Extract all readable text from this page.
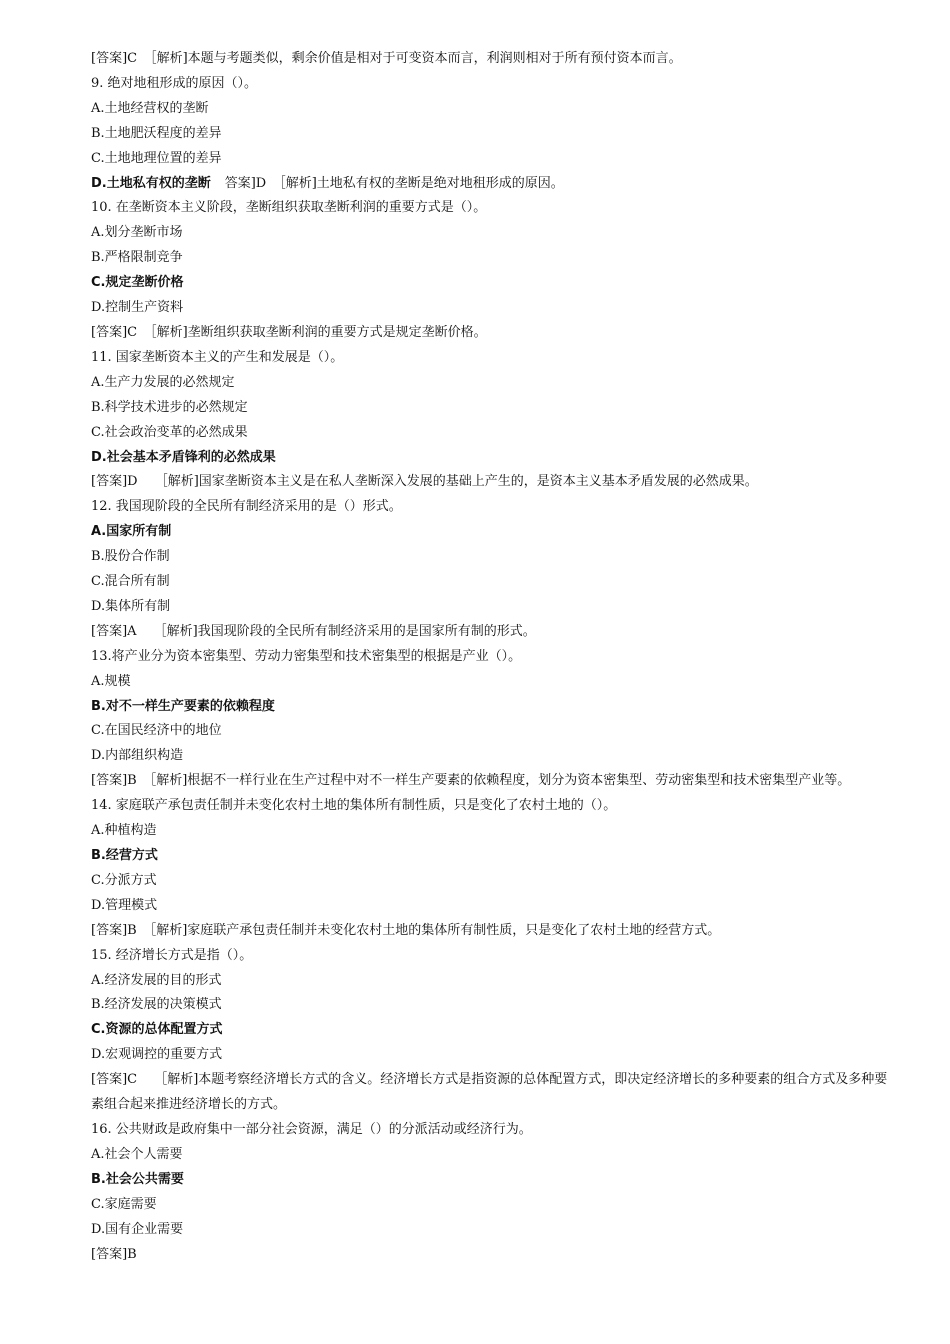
[答案]C　［解析]本题与考题类似，剩余价值是相对于可变资本而言，利润则相对于所有预付资本而言。
9. 绝对地租形成的原因（）。
A.土地经营权的垄断
B.土地肥沃程度的差异
C.土地地理位置的差异
D.土地私有权的垄断 答案]D　［解析]土地私有权的垄断是绝对地租形成的原因。
10. 在垄断资本主义阶段，垄断组织获取垄断利润的重要方式是（）。
A.划分垄断市场
B.严格限制竞争
C.规定垄断价格
D.控制生产资料
[答案]C　［解析]垄断组织获取垄断利润的重要方式是规定垄断价格。
11. 国家垄断资本主义的产生和发展是（）。
A.生产力发展的必然规定
B.科学技术进步的必然规定
C.社会政治变革的必然成果
D.社会基本矛盾锋利的必然成果
[答案]D　 ［解析]国家垄断资本主义是在私人垄断深入发展的基础上产生的，是资本主义基本矛盾发展的必然成果。
12. 我国现阶段的全民所有制经济采用的是（）形式。
A.国家所有制
B.股份合作制
C.混合所有制
D.集体所有制
[答案]A　 ［解析]我国现阶段的全民所有制经济采用的是国家所有制的形式。
13.将产业分为资本密集型、劳动力密集型和技术密集型的根据是产业（）。
A.规模
B.对不一样生产要素的依赖程度
C.在国民经济中的地位
D.内部组织构造
[答案]B　［解析]根据不一样行业在生产过程中对不一样生产要素的依赖程度，划分为资本密集型、劳动密集型和技术密集型产业等。
14. 家庭联产承包责任制并未变化农村土地的集体所有制性质，只是变化了农村土地的（）。
A.种植构造
B.经营方式
C.分派方式
D.管理模式
[答案]B　［解析]家庭联产承包责任制并未变化农村土地的集体所有制性质，只是变化了农村土地的经营方式。
15. 经济增长方式是指（）。
A.经济发展的目的形式
B.经济发展的决策模式
C.资源的总体配置方式
D.宏观调控的重要方式
[答案]C　 ［解析]本题考察经济增长方式的含义。经济增长方式是指资源的总体配置方式，即决定经济增长的多种要素的组合方式及多种要素组合起来推进经济增长的方式。
16. 公共财政是政府集中一部分社会资源，满足（）的分派活动或经济行为。
A.社会个人需要
B.社会公共需要
C.家庭需要
D.国有企业需要
[答案]B
